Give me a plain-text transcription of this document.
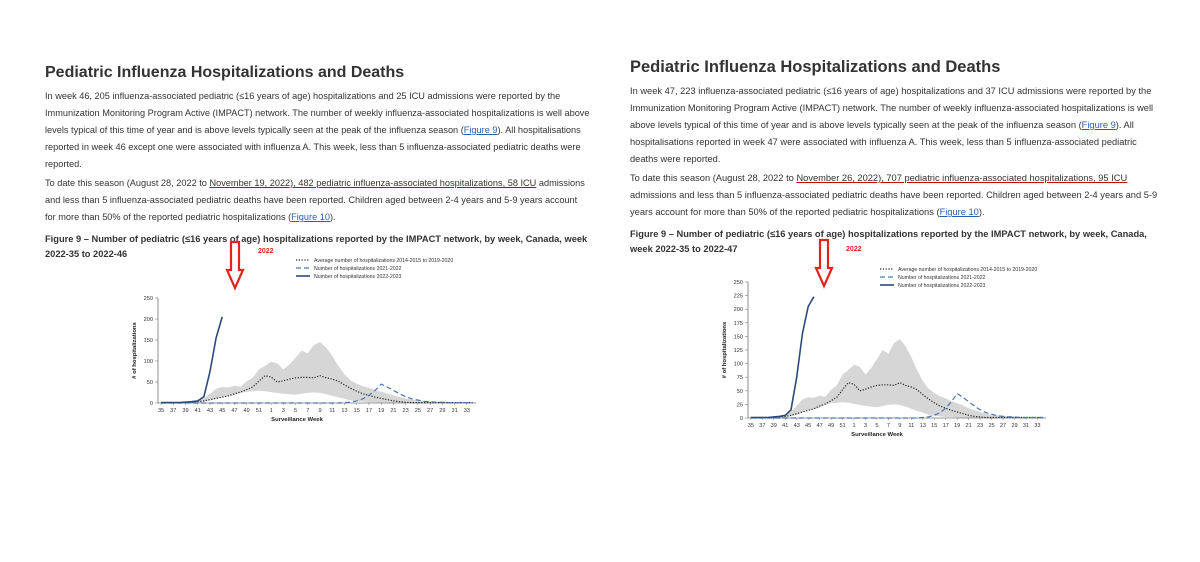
Pediatric Influenza Hospitalizations and Deaths

In week 46, 205 influenza-associated pediatric (≤16 years of age) hospitalizations and 25 ICU admissions were reported by the Immunization Monitoring Program Active (IMPACT) network. The number of weekly influenza-associated hospitalizations is well above levels typical of this time of year and is above levels typically seen at the peak of the influenza season (Figure 9). All hospitalisations reported in week 46 except one were associated with influenza A. This week, less than 5 influenza-associated pediatric deaths were reported.

To date this season (August 28, 2022 to November 19, 2022), 482 pediatric influenza-associated hospitalizations, 58 ICU admissions and less than 5 influenza-associated pediatric deaths have been reported. Children aged between 2-4 years and 5-9 years account for more than 50% of the reported pediatric hospitalizations (Figure 10).

Figure 9 – Number of pediatric (≤16 years of age) hospitalizations reported by the IMPACT network, by week, Canada, week 2022-35 to 2022-46
Pediatric Influenza Hospitalizations and Deaths

In week 47, 223 influenza-associated pediatric (≤16 years of age) hospitalizations and 37 ICU admissions were reported by the Immunization Monitoring Program Active (IMPACT) network. The number of weekly influenza-associated hospitalizations is well above levels typical of this time of year and is above levels typically seen at the peak of the influenza season (Figure 9). All hospitalisations reported in week 47 were associated with influenza A. This week, less than 5 influenza-associated pediatric deaths were reported.

To date this season (August 28, 2022 to November 26, 2022), 707 pediatric influenza-associated hospitalizations, 95 ICU admissions and less than 5 influenza-associated pediatric deaths have been reported. Children aged between 2-4 years and 5-9 years account for more than 50% of the reported pediatric hospitalizations (Figure 10).

Figure 9 – Number of pediatric (≤16 years of age) hospitalizations reported by the IMPACT network, by week, Canada, week 2022-35 to 2022-47
0
50
100
150
200
250
35 37 39 41 43 45 47 49 51 1 3 5 7 9 11 13 15 17 19 21 23 25 27 29 31 33
Surveillance Week
# of hospitalizations
Average number of hospitalizations 2014-2015 to 2019-2020
Number of hospitalizations 2021-2022
Number of hospitalizations 2022-2023
2022
0
25
50
75
100
125
150
175
200
225
250
35 37 39 41 43 45 47 49 51 1 3 5 7 9 11 13 15 17 19 21 23 25 27 29 31 33
Surveillance Week
# of hospitalizations
Average number of hospitalizations 2014-2015 to 2019-2020
Number of hospitalizations 2021-2022
Number of hospitalizations 2022-2023
2022
